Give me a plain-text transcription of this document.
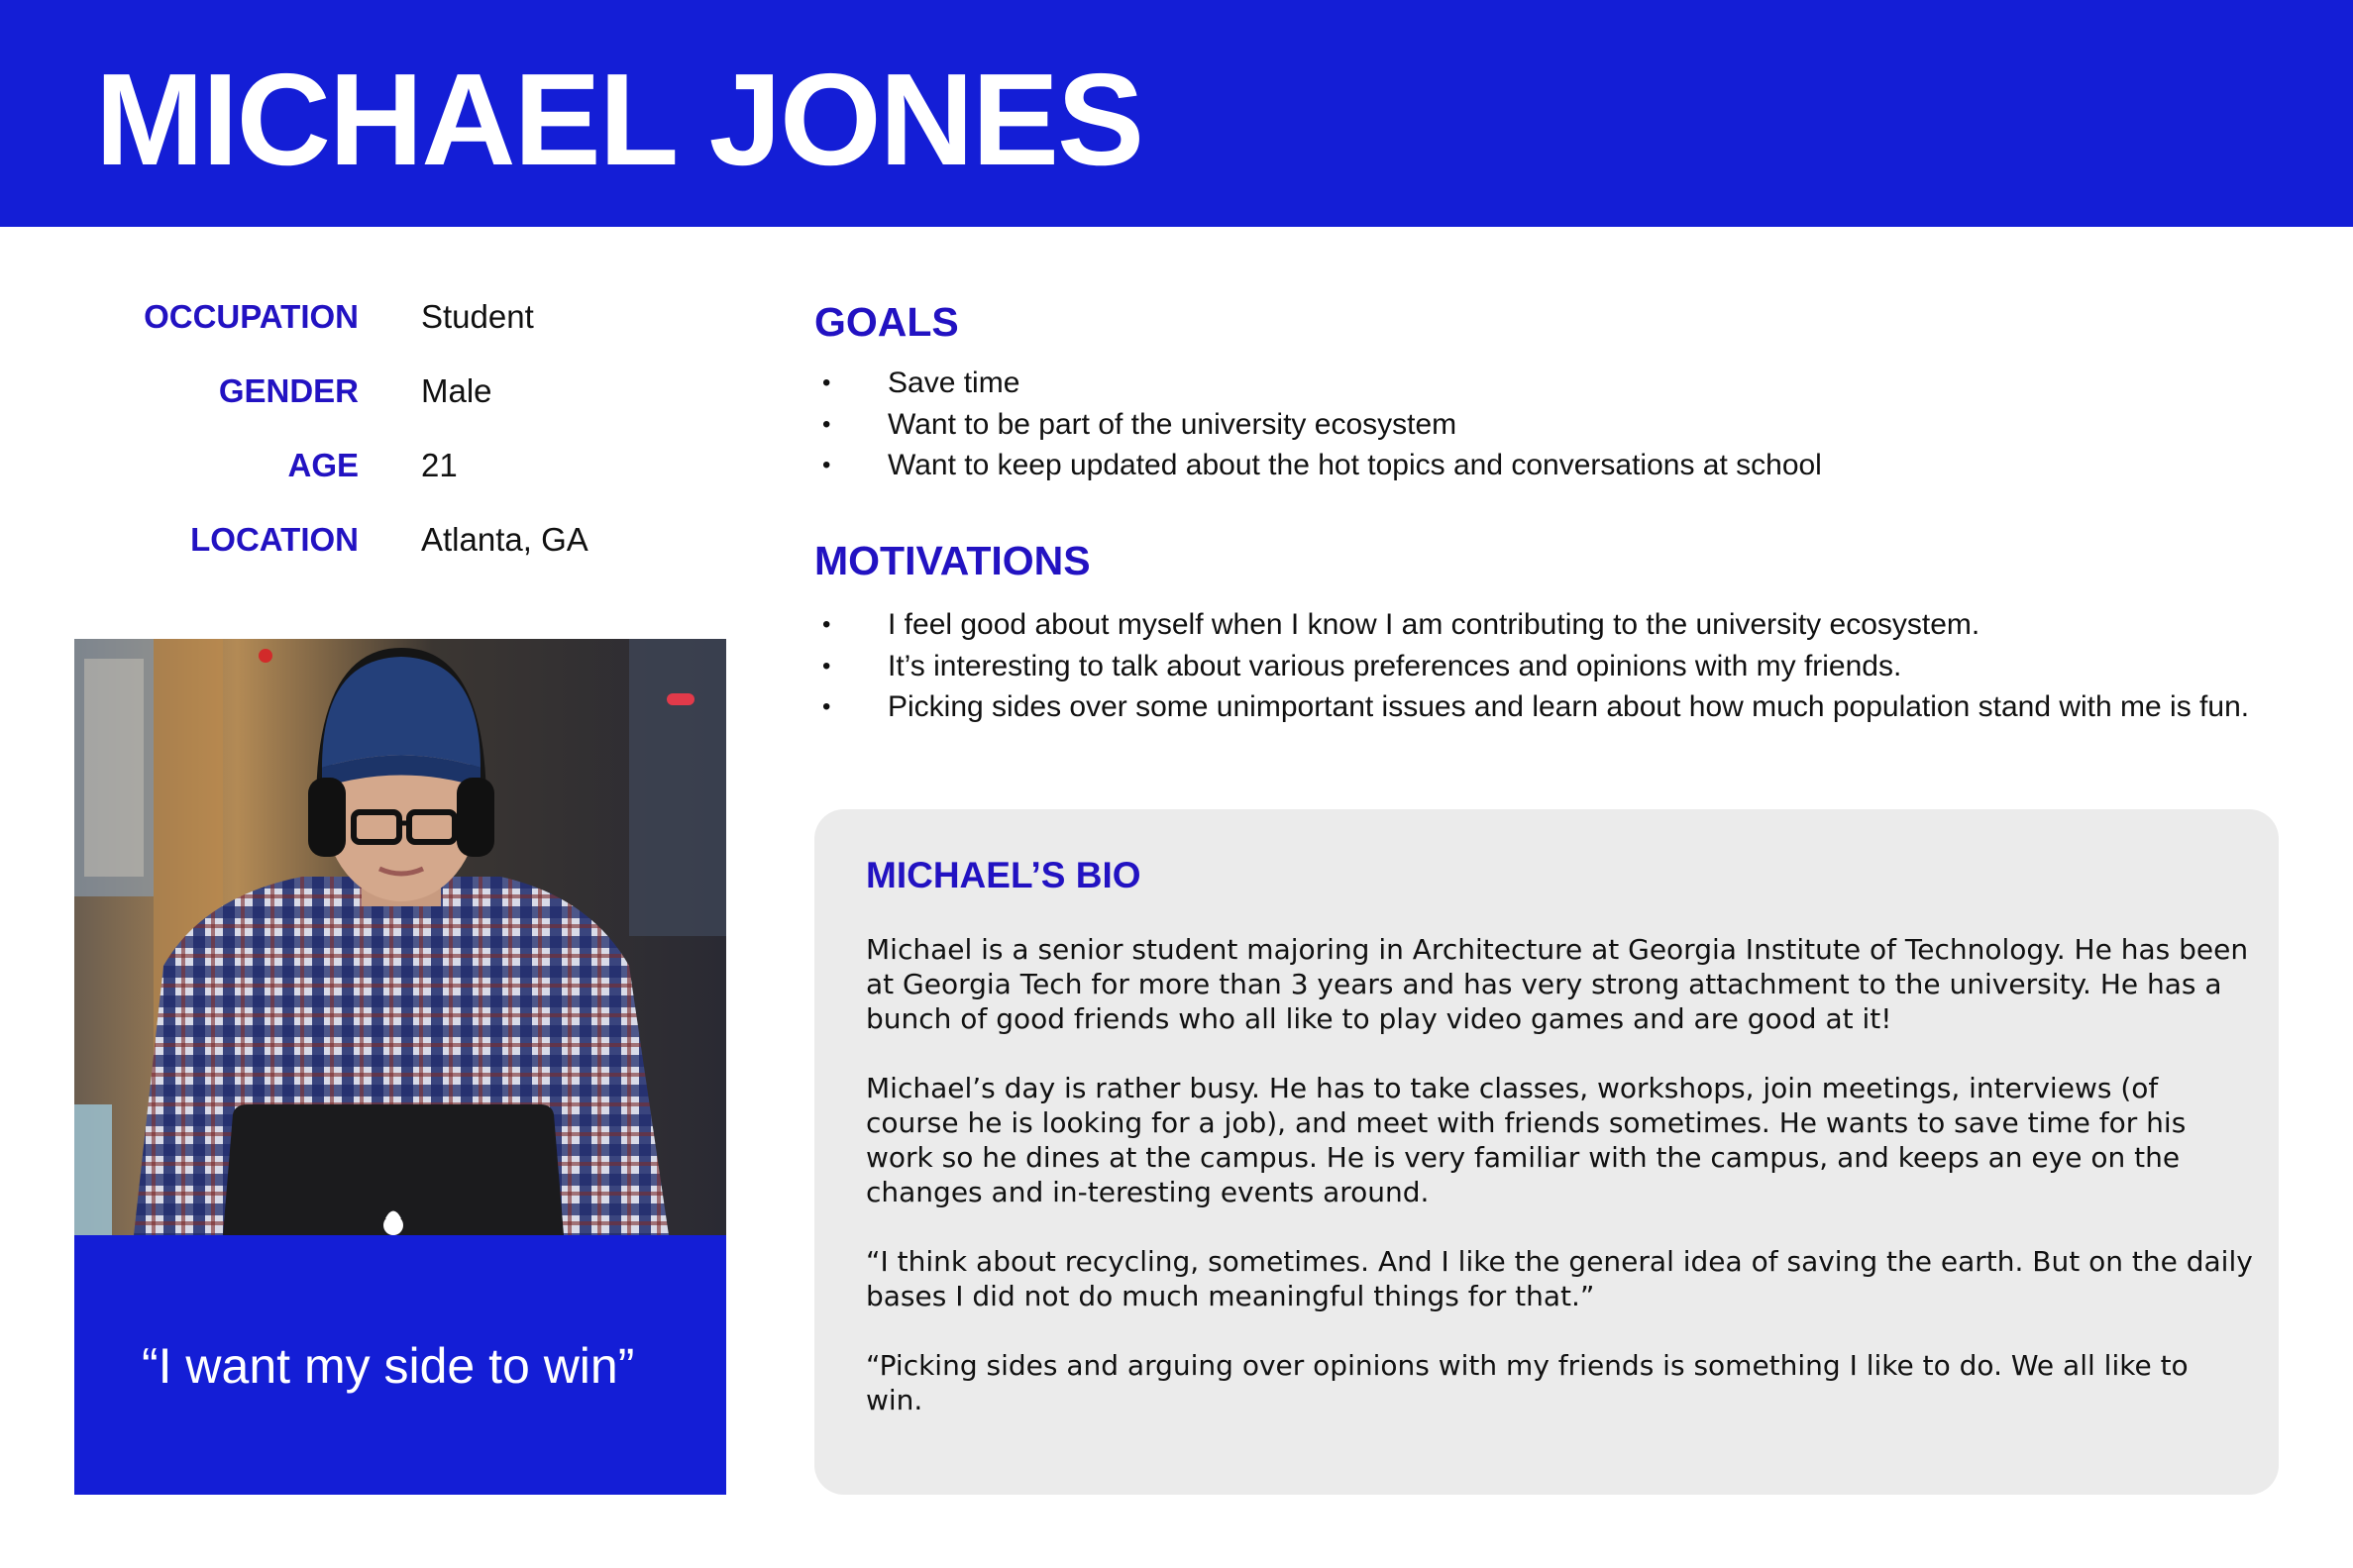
MICHAEL JONES
OCCUPATION Student
GENDER Male
AGE 21
LOCATION Atlanta, GA
“I want my side to win”
GOALS
•	Save time
•	Want to be part of the university ecosystem
•	Want to keep updated about the hot topics and conversations at school
MOTIVATIONS
•	I feel good about myself when I know I am contributing to the university ecosystem.
•	It’s interesting to talk about various preferences and opinions with my friends.
•	Picking sides over some unimportant issues and learn about how much population stand with me is fun.
MICHAEL’S BIO

Michael is a senior student majoring in Architecture at Georgia Institute of Technology. He has been at Georgia Tech for more than 3 years and has very strong attachment to the university. He has a bunch of good friends who all like to play video games and are good at it!

Michael’s day is rather busy. He has to take classes, workshops, join meetings, interviews (of course he is looking for a job), and meet with friends sometimes. He wants to save time for his work so he dines at the campus. He is very familiar with the campus, and keeps an eye on the changes and in-teresting events around.

“I think about recycling, sometimes. And I like the general idea of saving the earth. But on the daily bases I did not do much meaningful things for that.”

“Picking sides and arguing over opinions with my friends is something I like to do. We all like to win.
